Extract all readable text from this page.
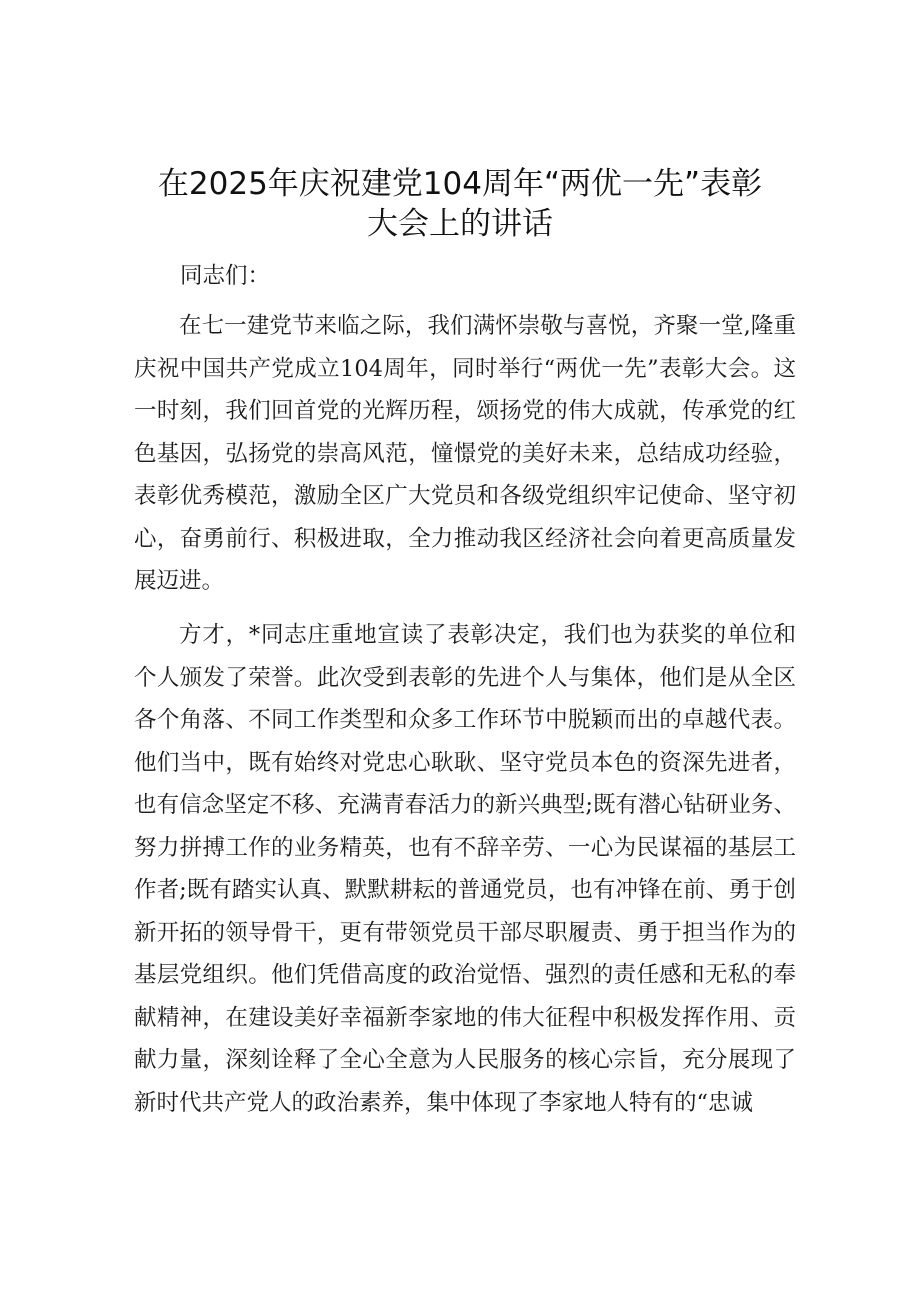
在2025年庆祝建党104周年“两优一先”表彰
大会上的讲话

同志们：

在七一建党节来临之际，我们满怀崇敬与喜悦，齐聚一堂,隆重庆祝中国共产党成立104周年，同时举行“两优一先”表彰大会。这一时刻，我们回首党的光辉历程，颂扬党的伟大成就，传承党的红色基因，弘扬党的崇高风范，憧憬党的美好未来，总结成功经验，表彰优秀模范，激励全区广大党员和各级党组织牢记使命、坚守初心，奋勇前行、积极进取，全力推动我区经济社会向着更高质量发展迈进。

方才，*同志庄重地宣读了表彰决定，我们也为获奖的单位和个人颁发了荣誉。此次受到表彰的先进个人与集体，他们是从全区各个角落、不同工作类型和众多工作环节中脱颖而出的卓越代表。他们当中，既有始终对党忠心耿耿、坚守党员本色的资深先进者，也有信念坚定不移、充满青春活力的新兴典型;既有潜心钻研业务、努力拼搏工作的业务精英，也有不辞辛劳、一心为民谋福的基层工作者;既有踏实认真、默默耕耘的普通党员，也有冲锋在前、勇于创新开拓的领导骨干，更有带领党员干部尽职履责、勇于担当作为的基层党组织。他们凭借高度的政治觉悟、强烈的责任感和无私的奉献精神，在建设美好幸福新李家地的伟大征程中积极发挥作用、贡献力量，深刻诠释了全心全意为人民服务的核心宗旨，充分展现了新时代共产党人的政治素养，集中体现了李家地人特有的“忠诚
